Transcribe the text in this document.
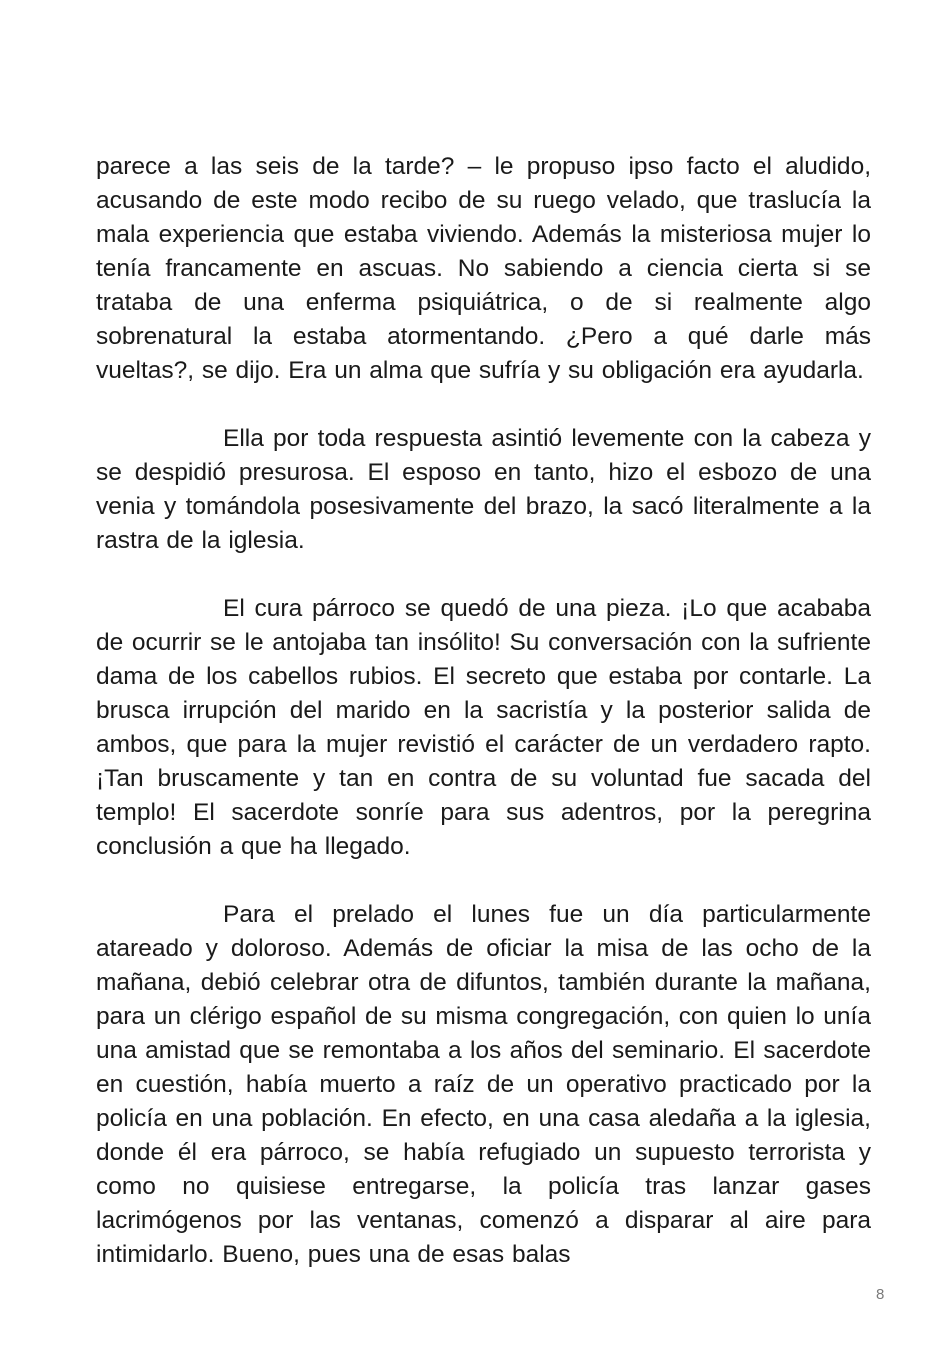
parece a las seis de la tarde? – le propuso ipso facto el aludido, acusando de este modo recibo de su ruego velado, que traslucía la mala experiencia que estaba viviendo. Además la misteriosa mujer lo tenía francamente en ascuas. No sabiendo a ciencia cierta si se trataba de una enferma psiquiátrica, o de si realmente algo sobrenatural la estaba atormentando. ¿Pero a qué darle más vueltas?, se dijo. Era un alma que sufría y su obligación era ayudarla.

Ella por toda respuesta asintió levemente con la cabeza y se despidió presurosa. El esposo en tanto, hizo el esbozo de una venia y tomándola posesivamente del brazo, la sacó literalmente a la rastra de la iglesia.

El cura párroco se quedó de una pieza. ¡Lo que acababa de ocurrir se le antojaba tan insólito! Su conversación con la sufriente dama de los cabellos rubios. El secreto que estaba por contarle. La brusca irrupción del marido en la sacristía y la posterior salida de ambos, que para la mujer revistió el carácter de un verdadero rapto. ¡Tan bruscamente y tan en contra de su voluntad fue sacada del templo! El sacerdote sonríe para sus adentros, por la peregrina conclusión a que ha llegado.

Para el prelado el lunes fue un día particularmente atareado y doloroso. Además de oficiar la misa de las ocho de la mañana, debió celebrar otra de difuntos, también durante la mañana, para un clérigo español de su misma congregación, con quien lo unía una amistad que se remontaba a los años del seminario. El sacerdote en cuestión, había muerto a raíz de un operativo practicado por la policía en una población. En efecto, en una casa aledaña a la iglesia, donde él era párroco, se había refugiado un supuesto terrorista y como no quisiese entregarse, la policía tras lanzar gases lacrimógenos por las ventanas, comenzó a disparar al aire para intimidarlo. Bueno, pues una de esas balas

8
